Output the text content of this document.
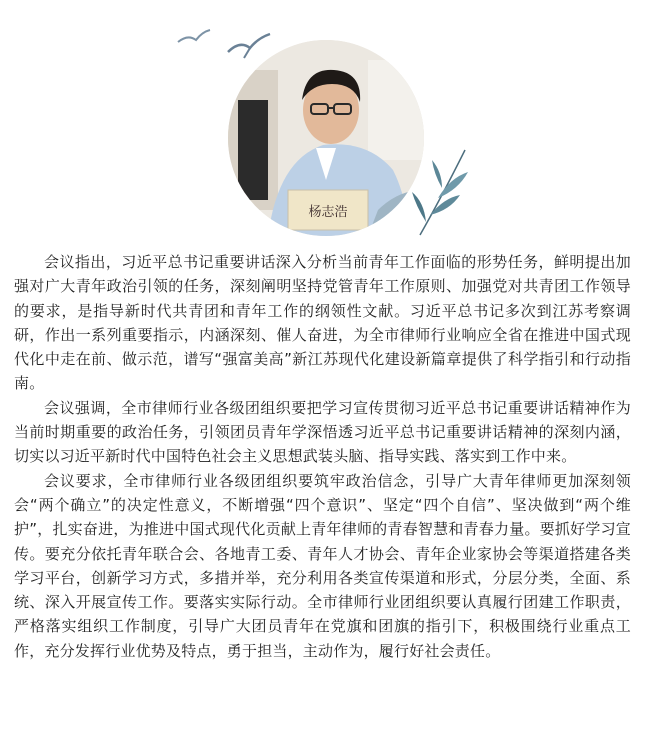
杨志浩

会议指出，习近平总书记重要讲话深入分析当前青年工作面临的形势任务，鲜明提出加强对广大青年政治引领的任务，深刻阐明坚持党管青年工作原则、加强党对共青团工作领导的要求，是指导新时代共青团和青年工作的纲领性文献。习近平总书记多次到江苏考察调研，作出一系列重要指示，内涵深刻、催人奋进，为全市律师行业响应全省在推进中国式现代化中走在前、做示范，谱写“强富美高”新江苏现代化建设新篇章提供了科学指引和行动指南。

会议强调，全市律师行业各级团组织要把学习宣传贯彻习近平总书记重要讲话精神作为当前时期重要的政治任务，引领团员青年学深悟透习近平总书记重要讲话精神的深刻内涵，切实以习近平新时代中国特色社会主义思想武装头脑、指导实践、落实到工作中来。

会议要求，全市律师行业各级团组织要筑牢政治信念，引导广大青年律师更加深刻领会“两个确立”的决定性意义，不断增强“四个意识”、坚定“四个自信”、坚决做到“两个维护”，扎实奋进，为推进中国式现代化贡献上青年律师的青春智慧和青春力量。要抓好学习宣传。要充分依托青年联合会、各地青工委、青年人才协会、青年企业家协会等渠道搭建各类学习平台，创新学习方式，多措并举，充分利用各类宣传渠道和形式，分层分类，全面、系统、深入开展宣传工作。要落实实际行动。全市律师行业团组织要认真履行团建工作职责，严格落实组织工作制度，引导广大团员青年在党旗和团旗的指引下，积极围绕行业重点工作，充分发挥行业优势及特点，勇于担当，主动作为，履行好社会责任。
